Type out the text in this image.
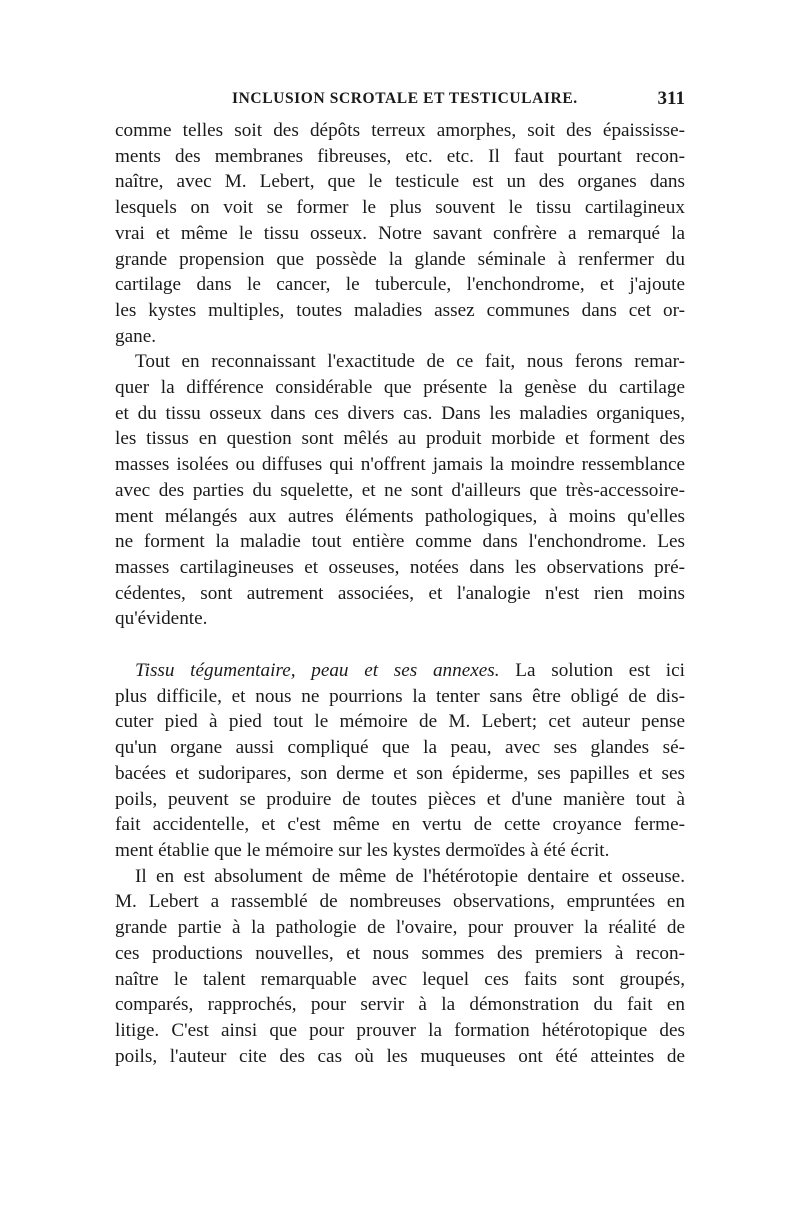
INCLUSION SCROTALE ET TESTICULAIRE.	311
comme telles soit des dépôts terreux amorphes, soit des épaississe-
ments des membranes fibreuses, etc. etc. Il faut pourtant recon-
naître, avec M. Lebert, que le testicule est un des organes dans
lesquels on voit se former le plus souvent le tissu cartilagineux
vrai et même le tissu osseux. Notre savant confrère a remarqué la
grande propension que possède la glande séminale à renfermer du
cartilage dans le cancer, le tubercule, l'enchondrome, et j'ajoute
les kystes multiples, toutes maladies assez communes dans cet or-
gane.
Tout en reconnaissant l'exactitude de ce fait, nous ferons remar-
quer la différence considérable que présente la genèse du cartilage
et du tissu osseux dans ces divers cas. Dans les maladies organiques,
les tissus en question sont mêlés au produit morbide et forment des
masses isolées ou diffuses qui n'offrent jamais la moindre ressemblance
avec des parties du squelette, et ne sont d'ailleurs que très-accessoire-
ment mélangés aux autres éléments pathologiques, à moins qu'elles
ne forment la maladie tout entière comme dans l'enchondrome. Les
masses cartilagineuses et osseuses, notées dans les observations pré-
cédentes, sont autrement associées, et l'analogie n'est rien moins
qu'évidente.
Tissu tégumentaire, peau et ses annexes. La solution est ici
plus difficile, et nous ne pourrions la tenter sans être obligé de dis-
cuter pied à pied tout le mémoire de M. Lebert; cet auteur pense
qu'un organe aussi compliqué que la peau, avec ses glandes sé-
bacées et sudoripares, son derme et son épiderme, ses papilles et ses
poils, peuvent se produire de toutes pièces et d'une manière tout à
fait accidentelle, et c'est même en vertu de cette croyance ferme-
ment établie que le mémoire sur les kystes dermoïdes à été écrit.
Il en est absolument de même de l'hétérotopie dentaire et osseuse.
M. Lebert a rassemblé de nombreuses observations, empruntées en
grande partie à la pathologie de l'ovaire, pour prouver la réalité de
ces productions nouvelles, et nous sommes des premiers à recon-
naître le talent remarquable avec lequel ces faits sont groupés,
comparés, rapprochés, pour servir à la démonstration du fait en
litige. C'est ainsi que pour prouver la formation hétérotopique des
poils, l'auteur cite des cas où les muqueuses ont été atteintes de
